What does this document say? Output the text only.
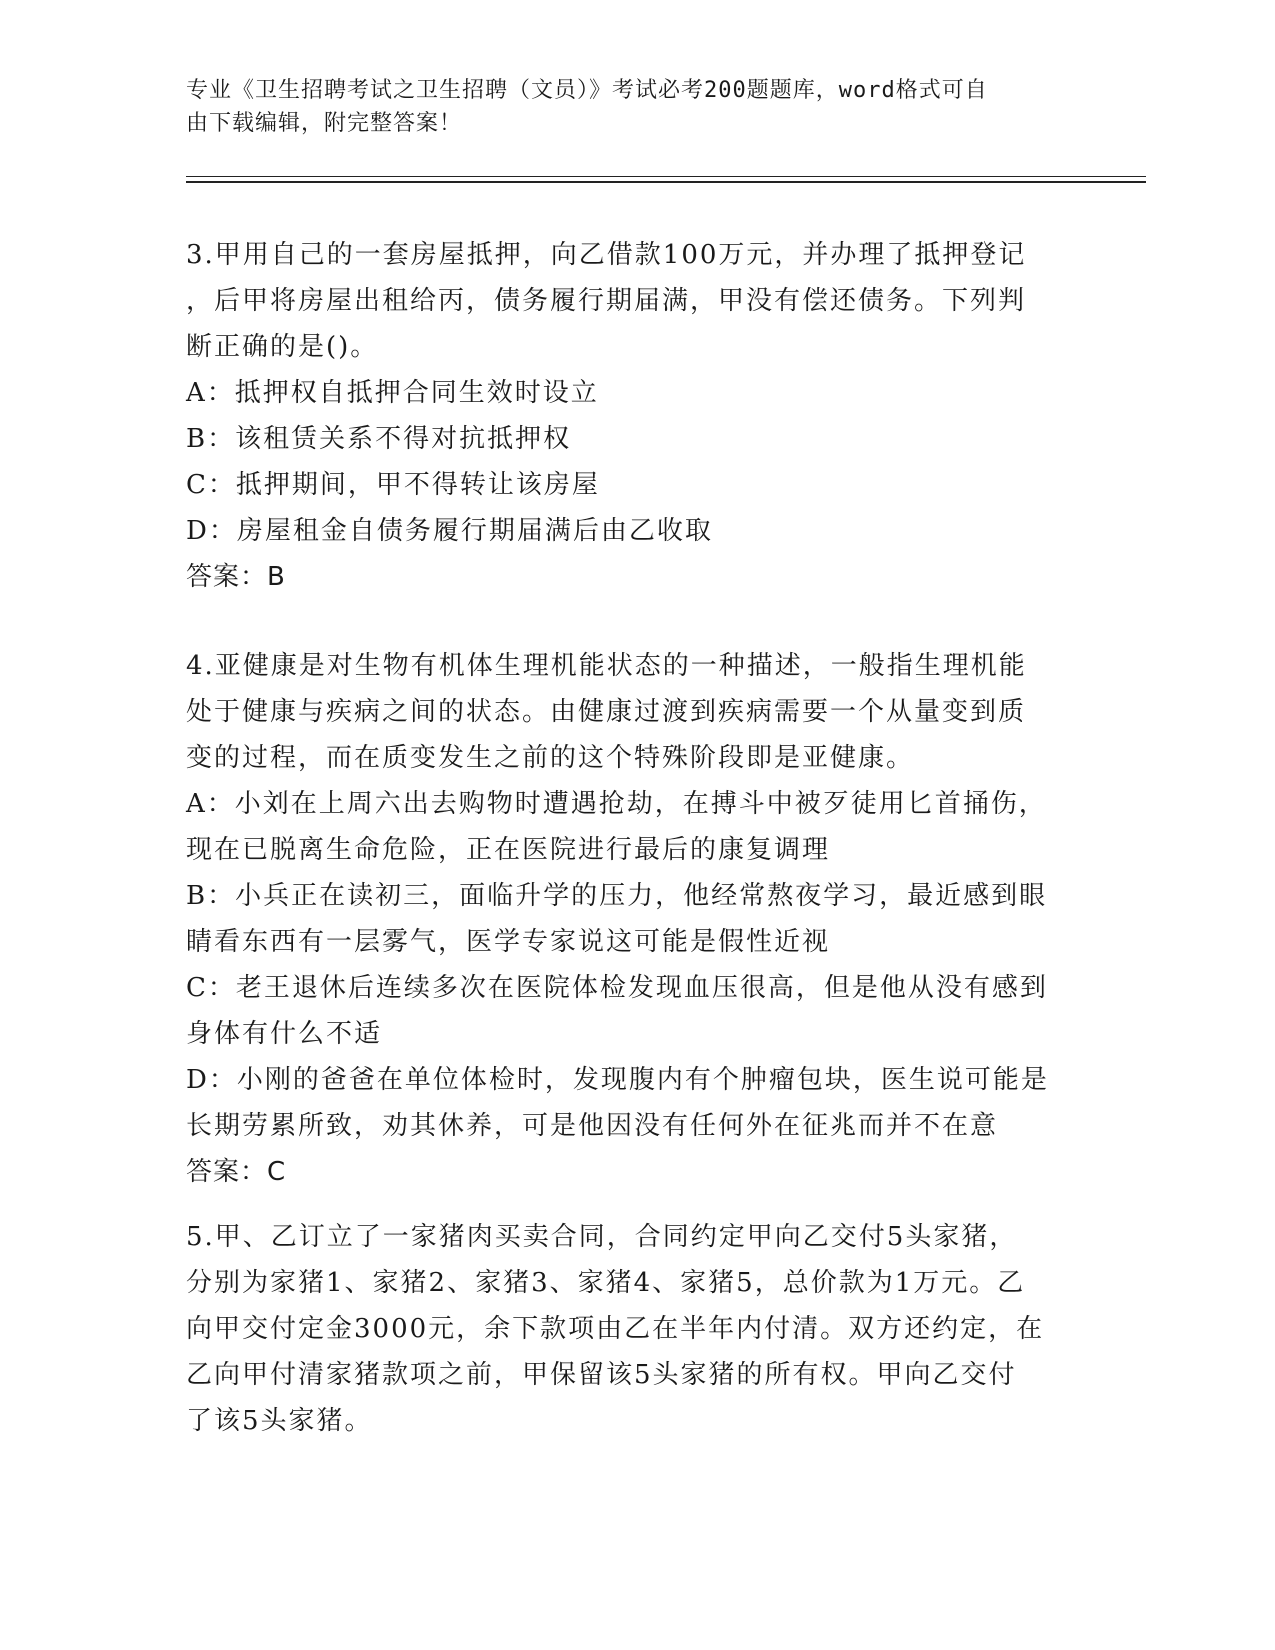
专业《卫生招聘考试之卫生招聘（文员）》考试必考200题题库，word格式可自
由下载编辑，附完整答案！
3.甲用自己的一套房屋抵押，向乙借款100万元，并办理了抵押登记
，后甲将房屋出租给丙，债务履行期届满，甲没有偿还债务。下列判
断正确的是()。
A：抵押权自抵押合同生效时设立
B：该租赁关系不得对抗抵押权
C：抵押期间，甲不得转让该房屋
D：房屋租金自债务履行期届满后由乙收取
答案：B
4.亚健康是对生物有机体生理机能状态的一种描述，一般指生理机能
处于健康与疾病之间的状态。由健康过渡到疾病需要一个从量变到质
变的过程，而在质变发生之前的这个特殊阶段即是亚健康。
A：小刘在上周六出去购物时遭遇抢劫，在搏斗中被歹徒用匕首捅伤，
现在已脱离生命危险，正在医院进行最后的康复调理
B：小兵正在读初三，面临升学的压力，他经常熬夜学习，最近感到眼
睛看东西有一层雾气，医学专家说这可能是假性近视
C：老王退休后连续多次在医院体检发现血压很高，但是他从没有感到
身体有什么不适
D：小刚的爸爸在单位体检时，发现腹内有个肿瘤包块，医生说可能是
长期劳累所致，劝其休养，可是他因没有任何外在征兆而并不在意
答案：C
5.甲、乙订立了一家猪肉买卖合同，合同约定甲向乙交付5头家猪，
分别为家猪1、家猪2、家猪3、家猪4、家猪5，总价款为1万元。乙
向甲交付定金3000元，余下款项由乙在半年内付清。双方还约定，在
乙向甲付清家猪款项之前，甲保留该5头家猪的所有权。甲向乙交付
了该5头家猪。
